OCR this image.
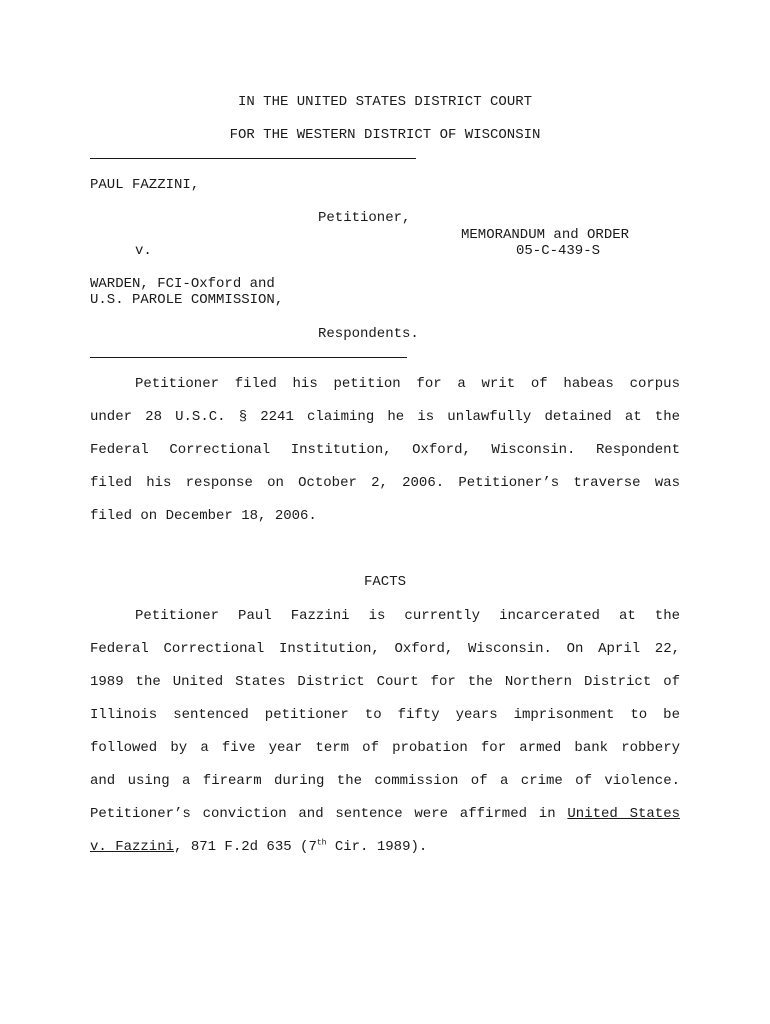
IN THE UNITED STATES DISTRICT COURT
FOR THE WESTERN DISTRICT OF WISCONSIN
PAUL FAZZINI,
Petitioner,
MEMORANDUM and ORDER
v.	05-C-439-S
WARDEN, FCI-Oxford and
U.S. PAROLE COMMISSION,
Respondents.
Petitioner filed his petition for a writ of habeas corpus
under 28 U.S.C. § 2241 claiming he is unlawfully detained at the
Federal Correctional Institution, Oxford, Wisconsin. Respondent
filed his response on October 2, 2006. Petitioner’s traverse was
filed on December 18, 2006.
FACTS
Petitioner Paul Fazzini is currently incarcerated at the
Federal Correctional Institution, Oxford, Wisconsin. On April 22,
1989 the United States District Court for the Northern District of
Illinois sentenced petitioner to fifty years imprisonment to be
followed by a five year term of probation for armed bank robbery
and using a firearm during the commission of a crime of violence.
Petitioner’s conviction and sentence were affirmed in United States
v. Fazzini, 871 F.2d 635 (7th Cir. 1989).
